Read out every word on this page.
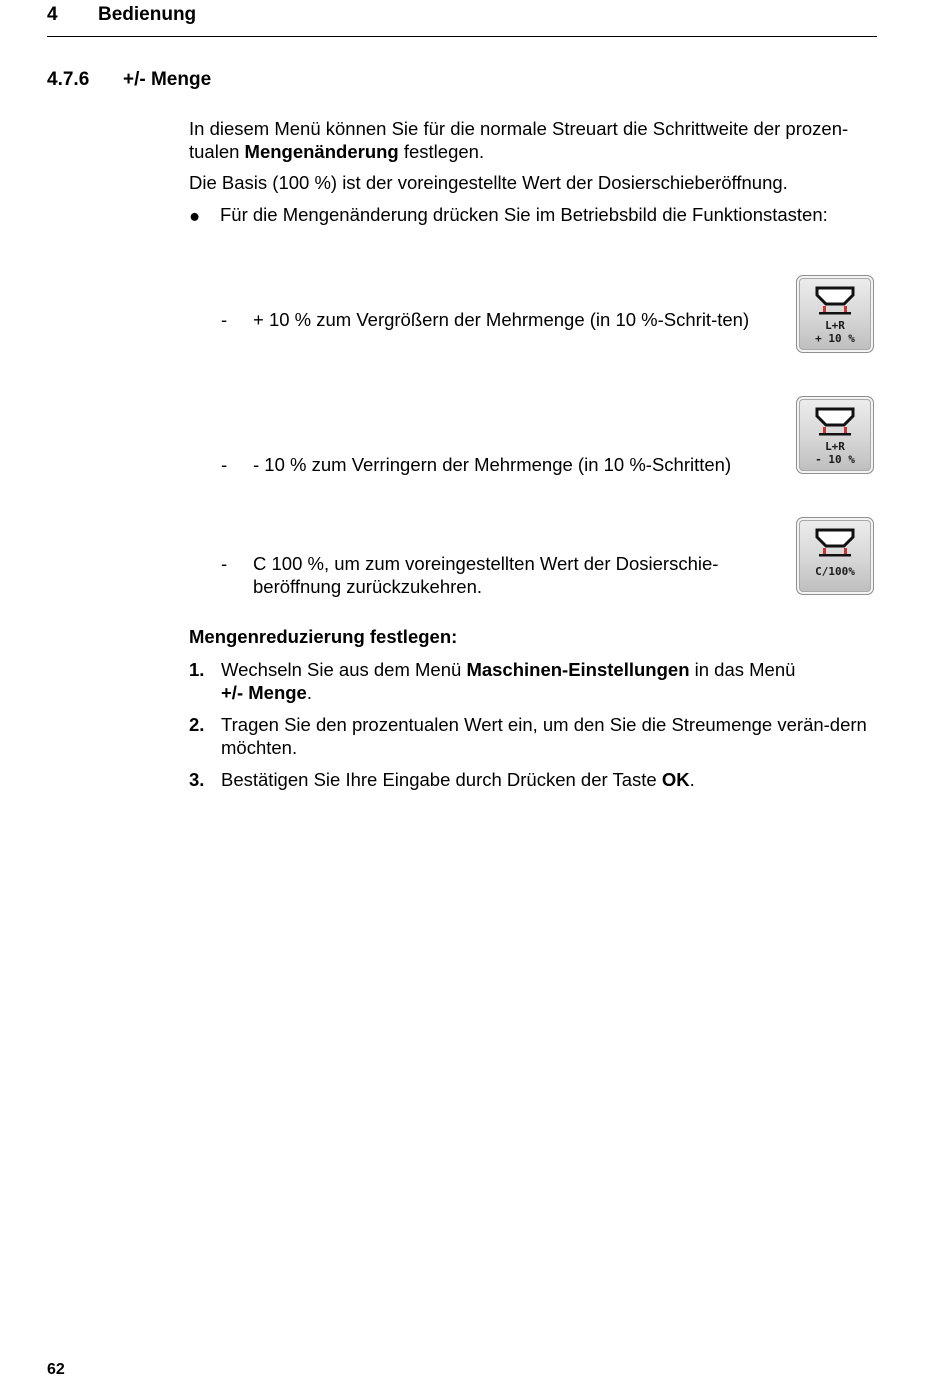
4 Bedienung
4.7.6 +/- Menge
In diesem Menü können Sie für die normale Streuart die Schrittweite der prozen-tualen Mengenänderung festlegen.
Die Basis (100 %) ist der voreingestellte Wert der Dosierschieberöffnung.
● Für die Mengenänderung drücken Sie im Betriebsbild die Funktionstasten:
- + 10 % zum Vergrößern der Mehrmenge (in 10 %-Schrit-ten)
- - 10 % zum Verringern der Mehrmenge (in 10 %-Schritten)
- C 100 %, um zum voreingestellten Wert der Dosierschie-beröffnung zurückzukehren.
L+R
+ 10 %
L+R
- 10 %
C/100%
Mengenreduzierung festlegen:
1. Wechseln Sie aus dem Menü Maschinen-Einstellungen in das Menü
+/- Menge.
2. Tragen Sie den prozentualen Wert ein, um den Sie die Streumenge verän-dern möchten.
3. Bestätigen Sie Ihre Eingabe durch Drücken der Taste OK.
62
